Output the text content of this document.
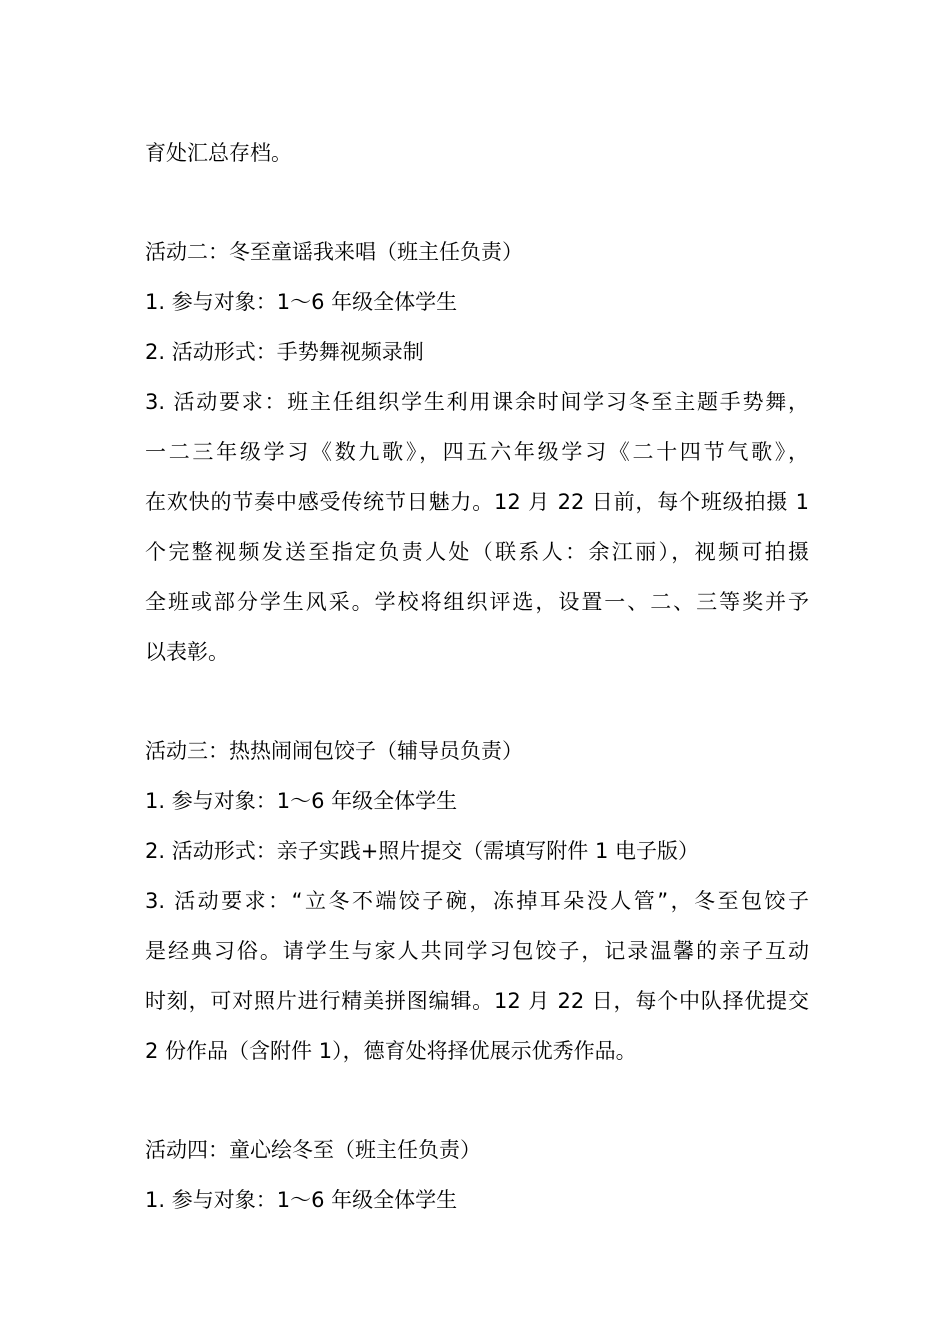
育处汇总存档。
活动二：冬至童谣我来唱（班主任负责）
1. 参与对象：1～6 年级全体学生
2. 活动形式：手势舞视频录制
3. 活动要求：班主任组织学生利用课余时间学习冬至主题手势舞，
一二三年级学习《数九歌》，四五六年级学习《二十四节气歌》，
在欢快的节奏中感受传统节日魅力。12 月 22 日前，每个班级拍摄 1
个完整视频发送至指定负责人处（联系人：余江丽），视频可拍摄
全班或部分学生风采。学校将组织评选，设置一、二、三等奖并予
以表彰。
活动三：热热闹闹包饺子（辅导员负责）
1. 参与对象：1～6 年级全体学生
2. 活动形式：亲子实践+照片提交（需填写附件 1 电子版）
3. 活动要求：“立冬不端饺子碗，冻掉耳朵没人管”，冬至包饺子
是经典习俗。请学生与家人共同学习包饺子，记录温馨的亲子互动
时刻，可对照片进行精美拼图编辑。12 月 22 日，每个中队择优提交
2 份作品（含附件 1），德育处将择优展示优秀作品。
活动四：童心绘冬至（班主任负责）
1. 参与对象：1～6 年级全体学生
